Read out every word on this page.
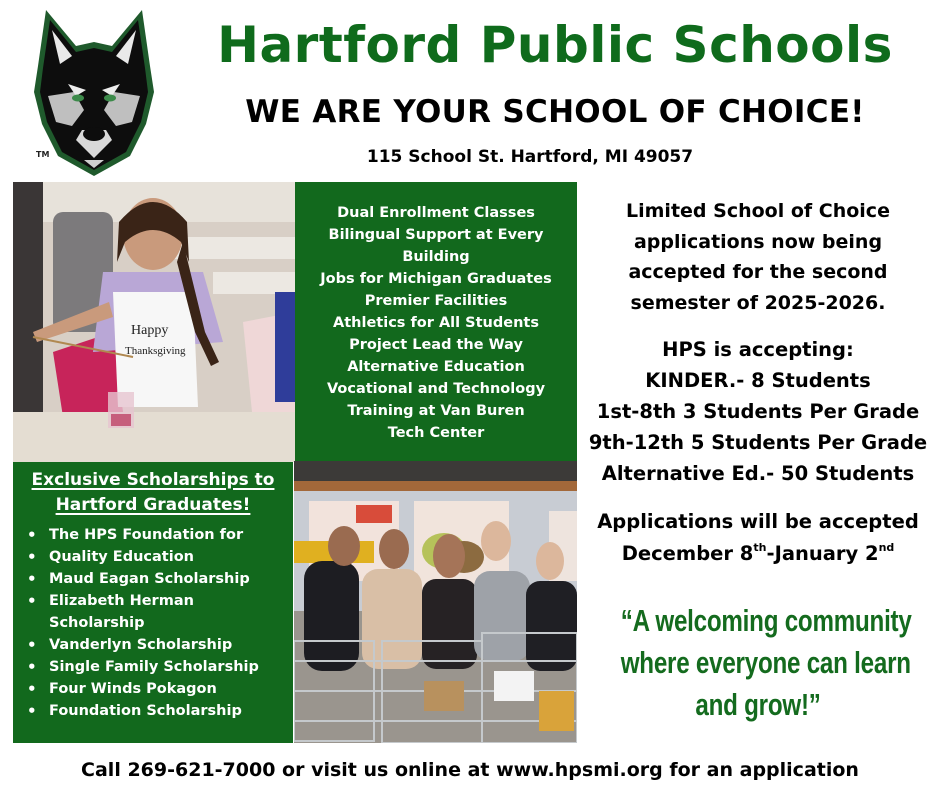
TM
Hartford Public Schools
WE ARE YOUR SCHOOL OF CHOICE!
115 School St. Hartford, MI 49057
Happy
Thanksgiving
Dual Enrollment Classes
Bilingual Support at Every
Building
Jobs for Michigan Graduates
Premier Facilities
Athletics for All Students
Project Lead the Way
Alternative Education
Vocational and Technology
Training at Van Buren
Tech Center
Exclusive Scholarships to
Hartford Graduates!
• The HPS Foundation for
• Quality Education
• Maud Eagan Scholarship
• Elizabeth Herman
Scholarship
• Vanderlyn Scholarship
• Single Family Scholarship
• Four Winds Pokagon
• Foundation Scholarship
Limited School of Choice
applications now being
accepted for the second
semester of 2025-2026.
HPS is accepting:
KINDER.- 8 Students
1st-8th 3 Students Per Grade
9th-12th 5 Students Per Grade
Alternative Ed.- 50 Students
Applications will be accepted
December 8th-January 2nd
“A welcoming community
where everyone can learn
and grow!”
Call 269-621-7000 or visit us online at www.hpsmi.org for an application
